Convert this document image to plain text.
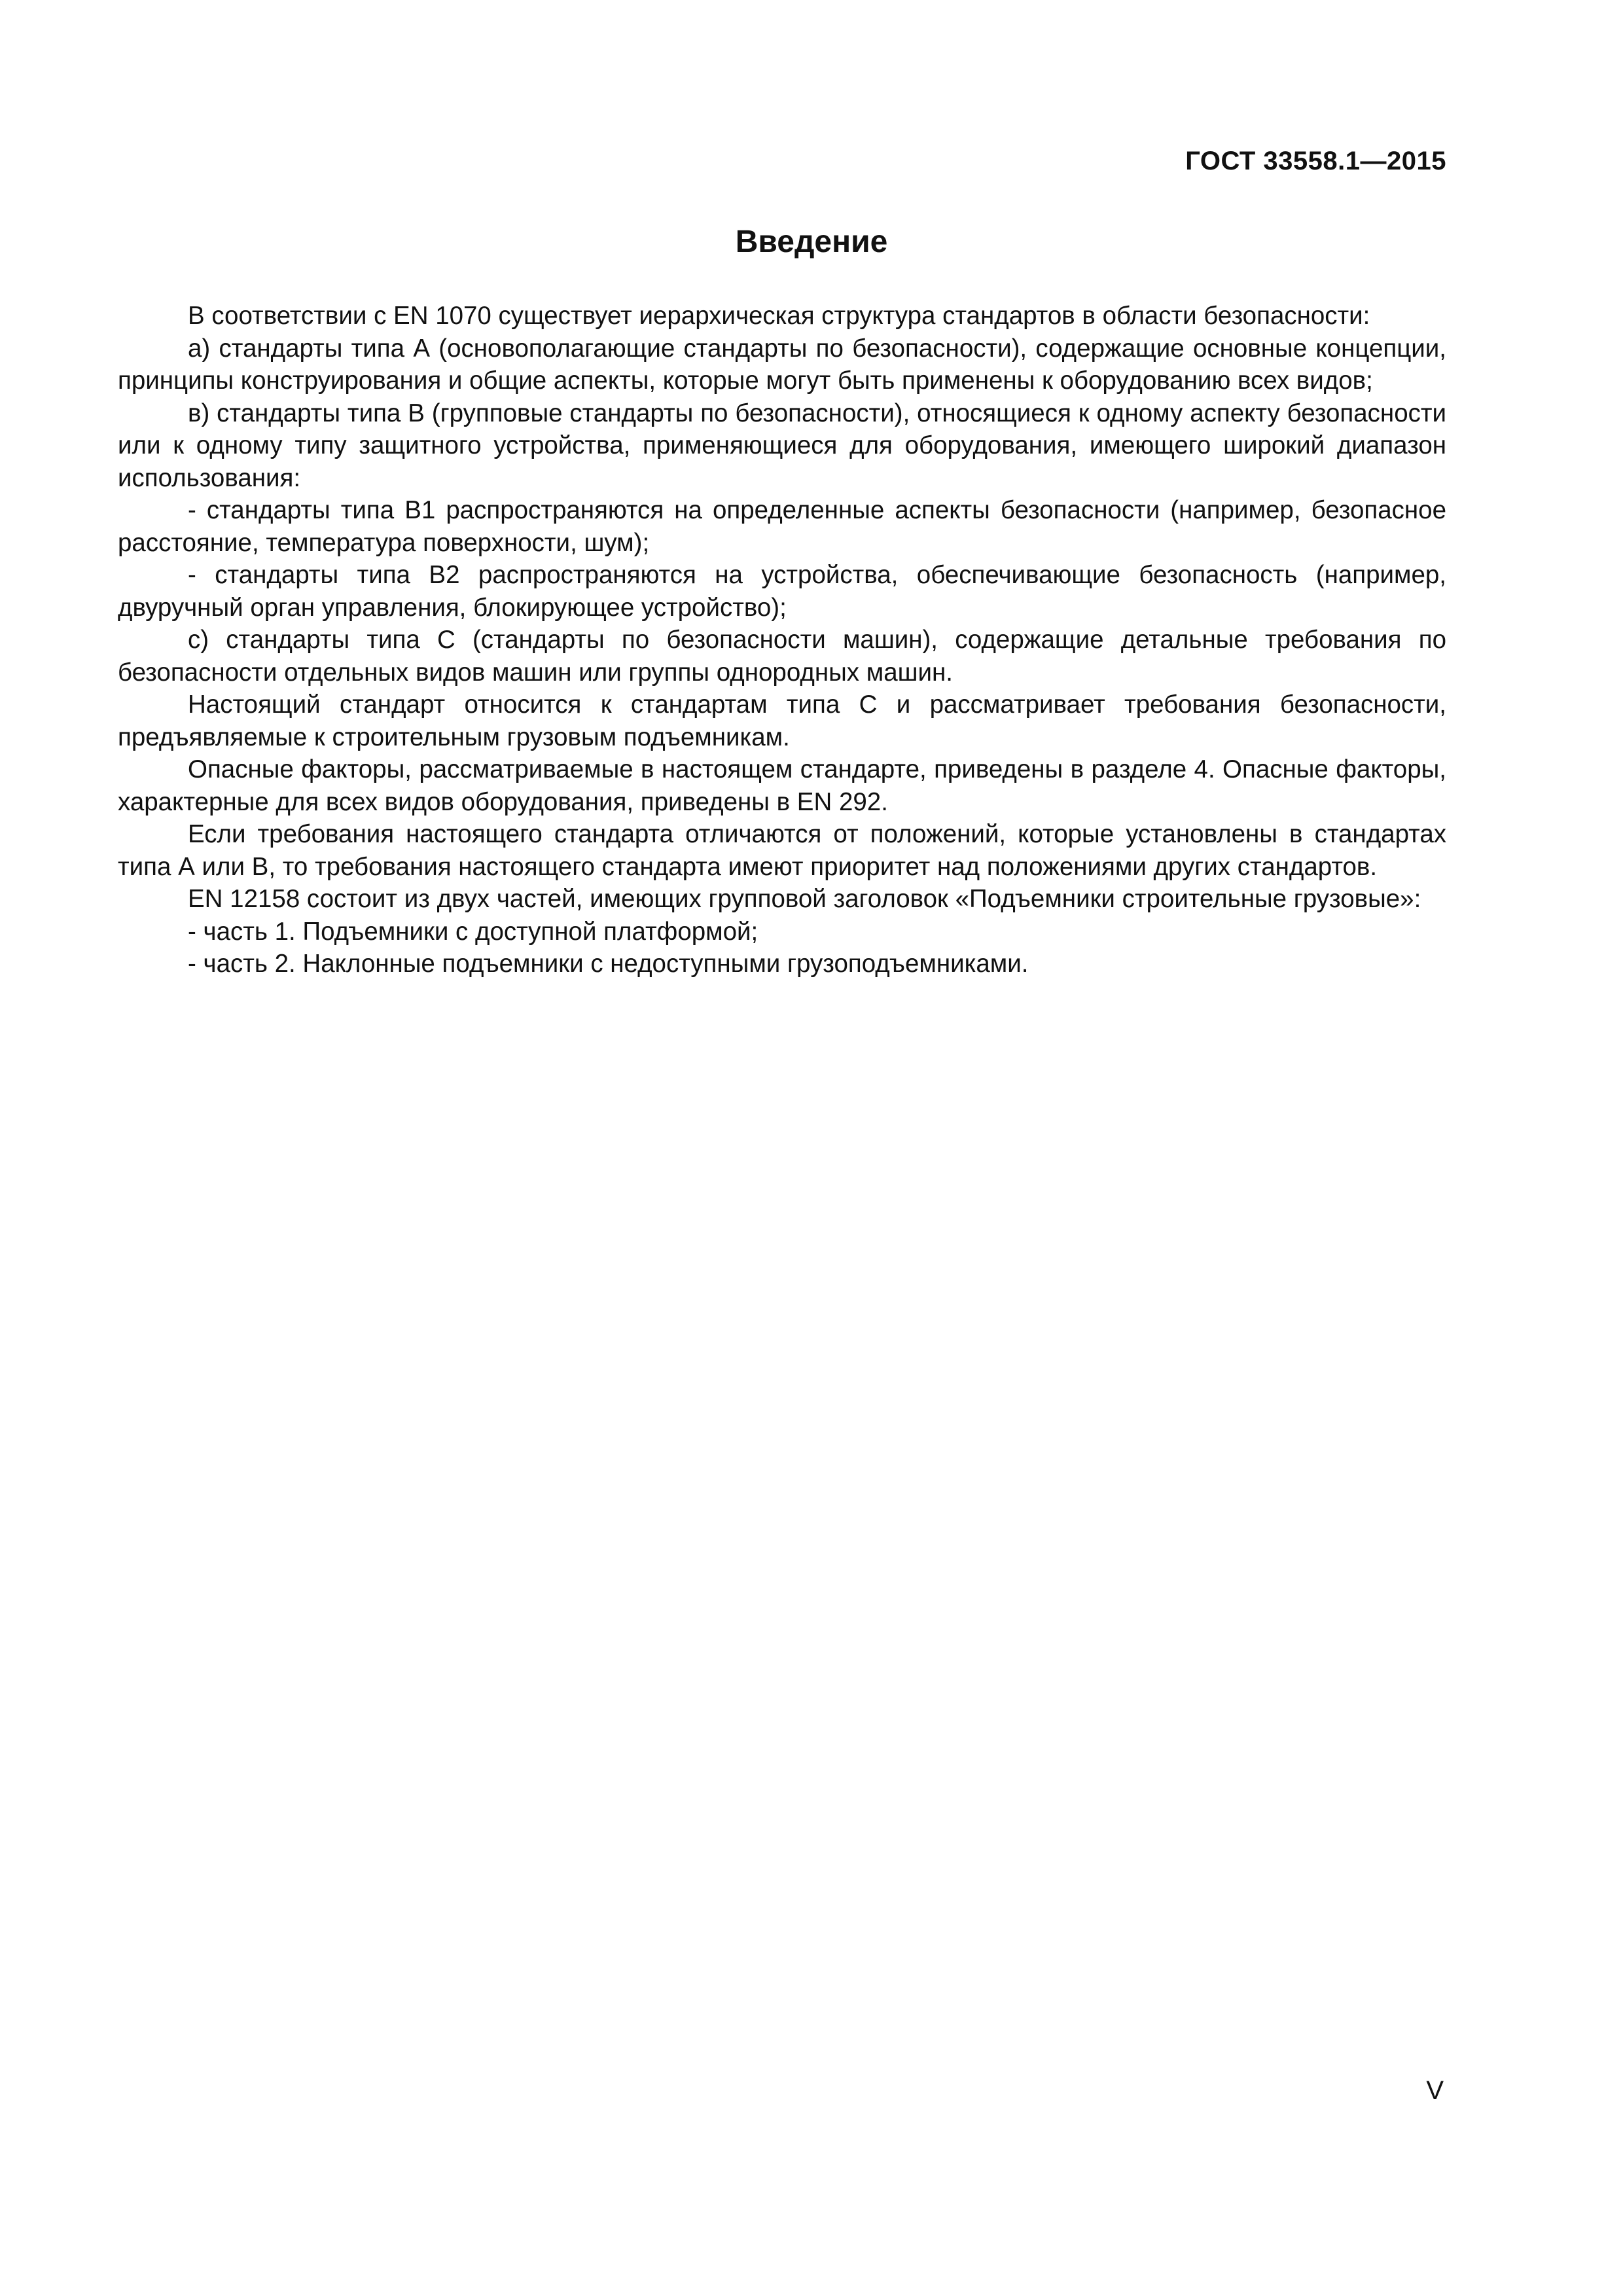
ГОСТ 33558.1—2015
Введение

В соответствии с EN 1070 существует иерархическая структура стандартов в области безопасности:

а) стандарты типа А (основополагающие стандарты по безопасности), содержащие основные концепции, принципы конструирования и общие аспекты, которые могут быть применены к оборудованию всех видов;

в) стандарты типа В (групповые стандарты по безопасности), относящиеся к одному аспекту безопасности или к одному типу защитного устройства, применяющиеся для оборудования, имеющего широкий диапазон использования:

- стандарты типа В1 распространяются на определенные аспекты безопасности (например, безопасное расстояние, температура поверхности, шум);

- стандарты типа В2 распространяются на устройства, обеспечивающие безопасность (например, двуручный орган управления, блокирующее устройство);

с) стандарты типа С (стандарты по безопасности машин), содержащие детальные требования по безопасности отдельных видов машин или группы однородных машин.

Настоящий стандарт относится к стандартам типа С и рассматривает требования безопасности, предъявляемые к строительным грузовым подъемникам.

Опасные факторы, рассматриваемые в настоящем стандарте, приведены в разделе 4. Опасные факторы, характерные для всех видов оборудования, приведены в EN 292.

Если требования настоящего стандарта отличаются от положений, которые установлены в стандартах типа А или В, то требования настоящего стандарта имеют приоритет над положениями других стандартов.

EN 12158 состоит из двух частей, имеющих групповой заголовок «Подъемники строительные грузовые»:

- часть 1. Подъемники с доступной платформой;

- часть 2. Наклонные подъемники с недоступными грузоподъемниками.

V
